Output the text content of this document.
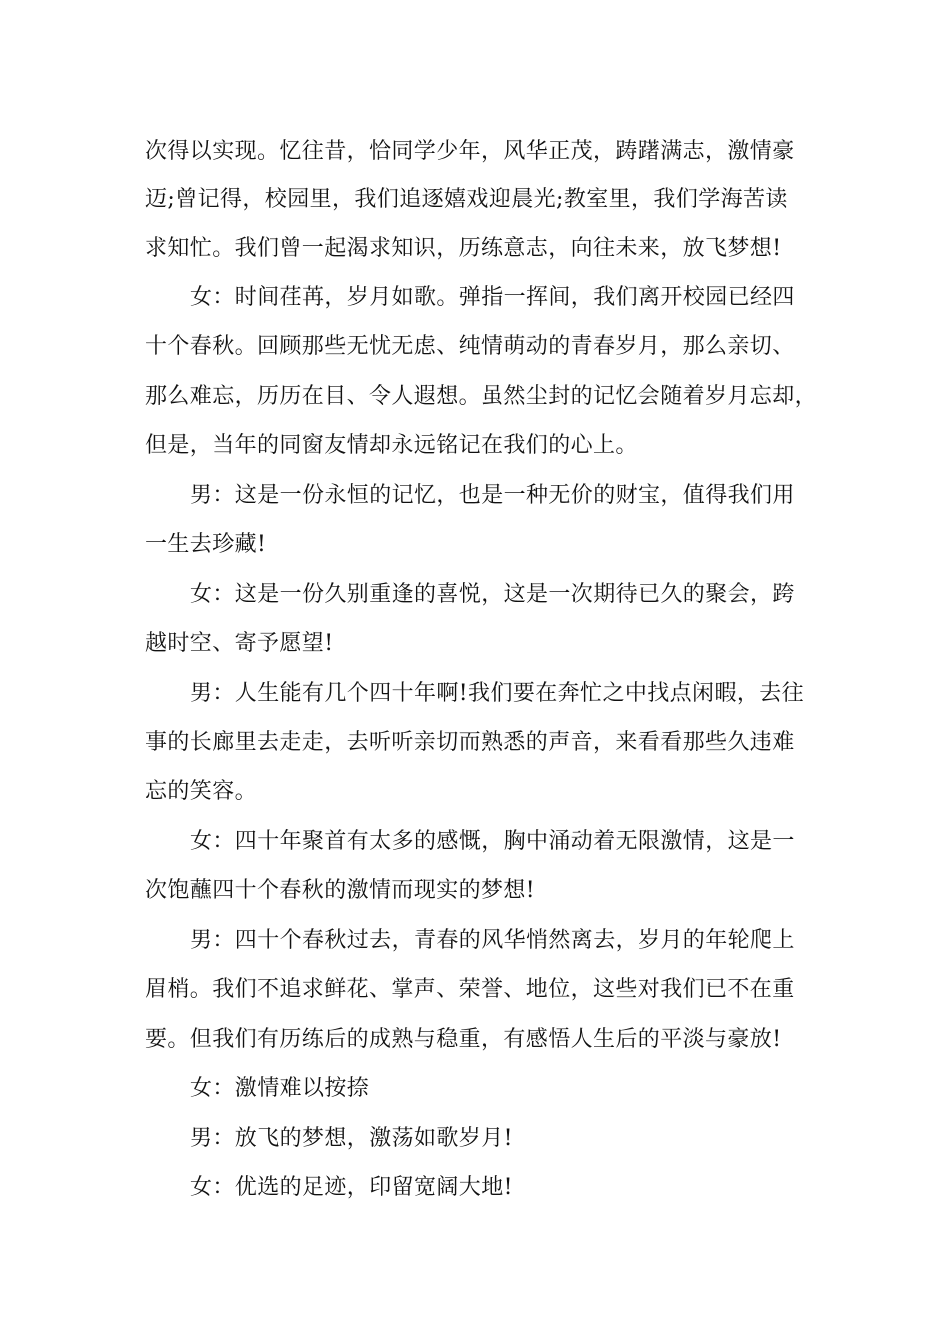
次得以实现。忆往昔，恰同学少年，风华正茂，踌躇满志，激情豪

迈;曾记得，校园里，我们追逐嬉戏迎晨光;教室里，我们学海苦读

求知忙。我们曾一起渴求知识，历练意志，向往未来，放飞梦想!

女：时间荏苒，岁月如歌。弹指一挥间，我们离开校园已经四

十个春秋。回顾那些无忧无虑、纯情萌动的青春岁月，那么亲切、

那么难忘，历历在目、令人遐想。虽然尘封的记忆会随着岁月忘却，

但是，当年的同窗友情却永远铭记在我们的心上。

男：这是一份永恒的记忆，也是一种无价的财宝，值得我们用

一生去珍藏!

女：这是一份久别重逢的喜悦，这是一次期待已久的聚会，跨

越时空、寄予愿望!

男：人生能有几个四十年啊!我们要在奔忙之中找点闲暇，去往

事的长廊里去走走，去听听亲切而熟悉的声音，来看看那些久违难

忘的笑容。

女：四十年聚首有太多的感慨，胸中涌动着无限激情，这是一

次饱蘸四十个春秋的激情而现实的梦想!

男：四十个春秋过去，青春的风华悄然离去，岁月的年轮爬上

眉梢。我们不追求鲜花、掌声、荣誉、地位，这些对我们已不在重

要。但我们有历练后的成熟与稳重，有感悟人生后的平淡与豪放!

女：激情难以按捺

男：放飞的梦想，激荡如歌岁月!

女：优选的足迹，印留宽阔大地!
